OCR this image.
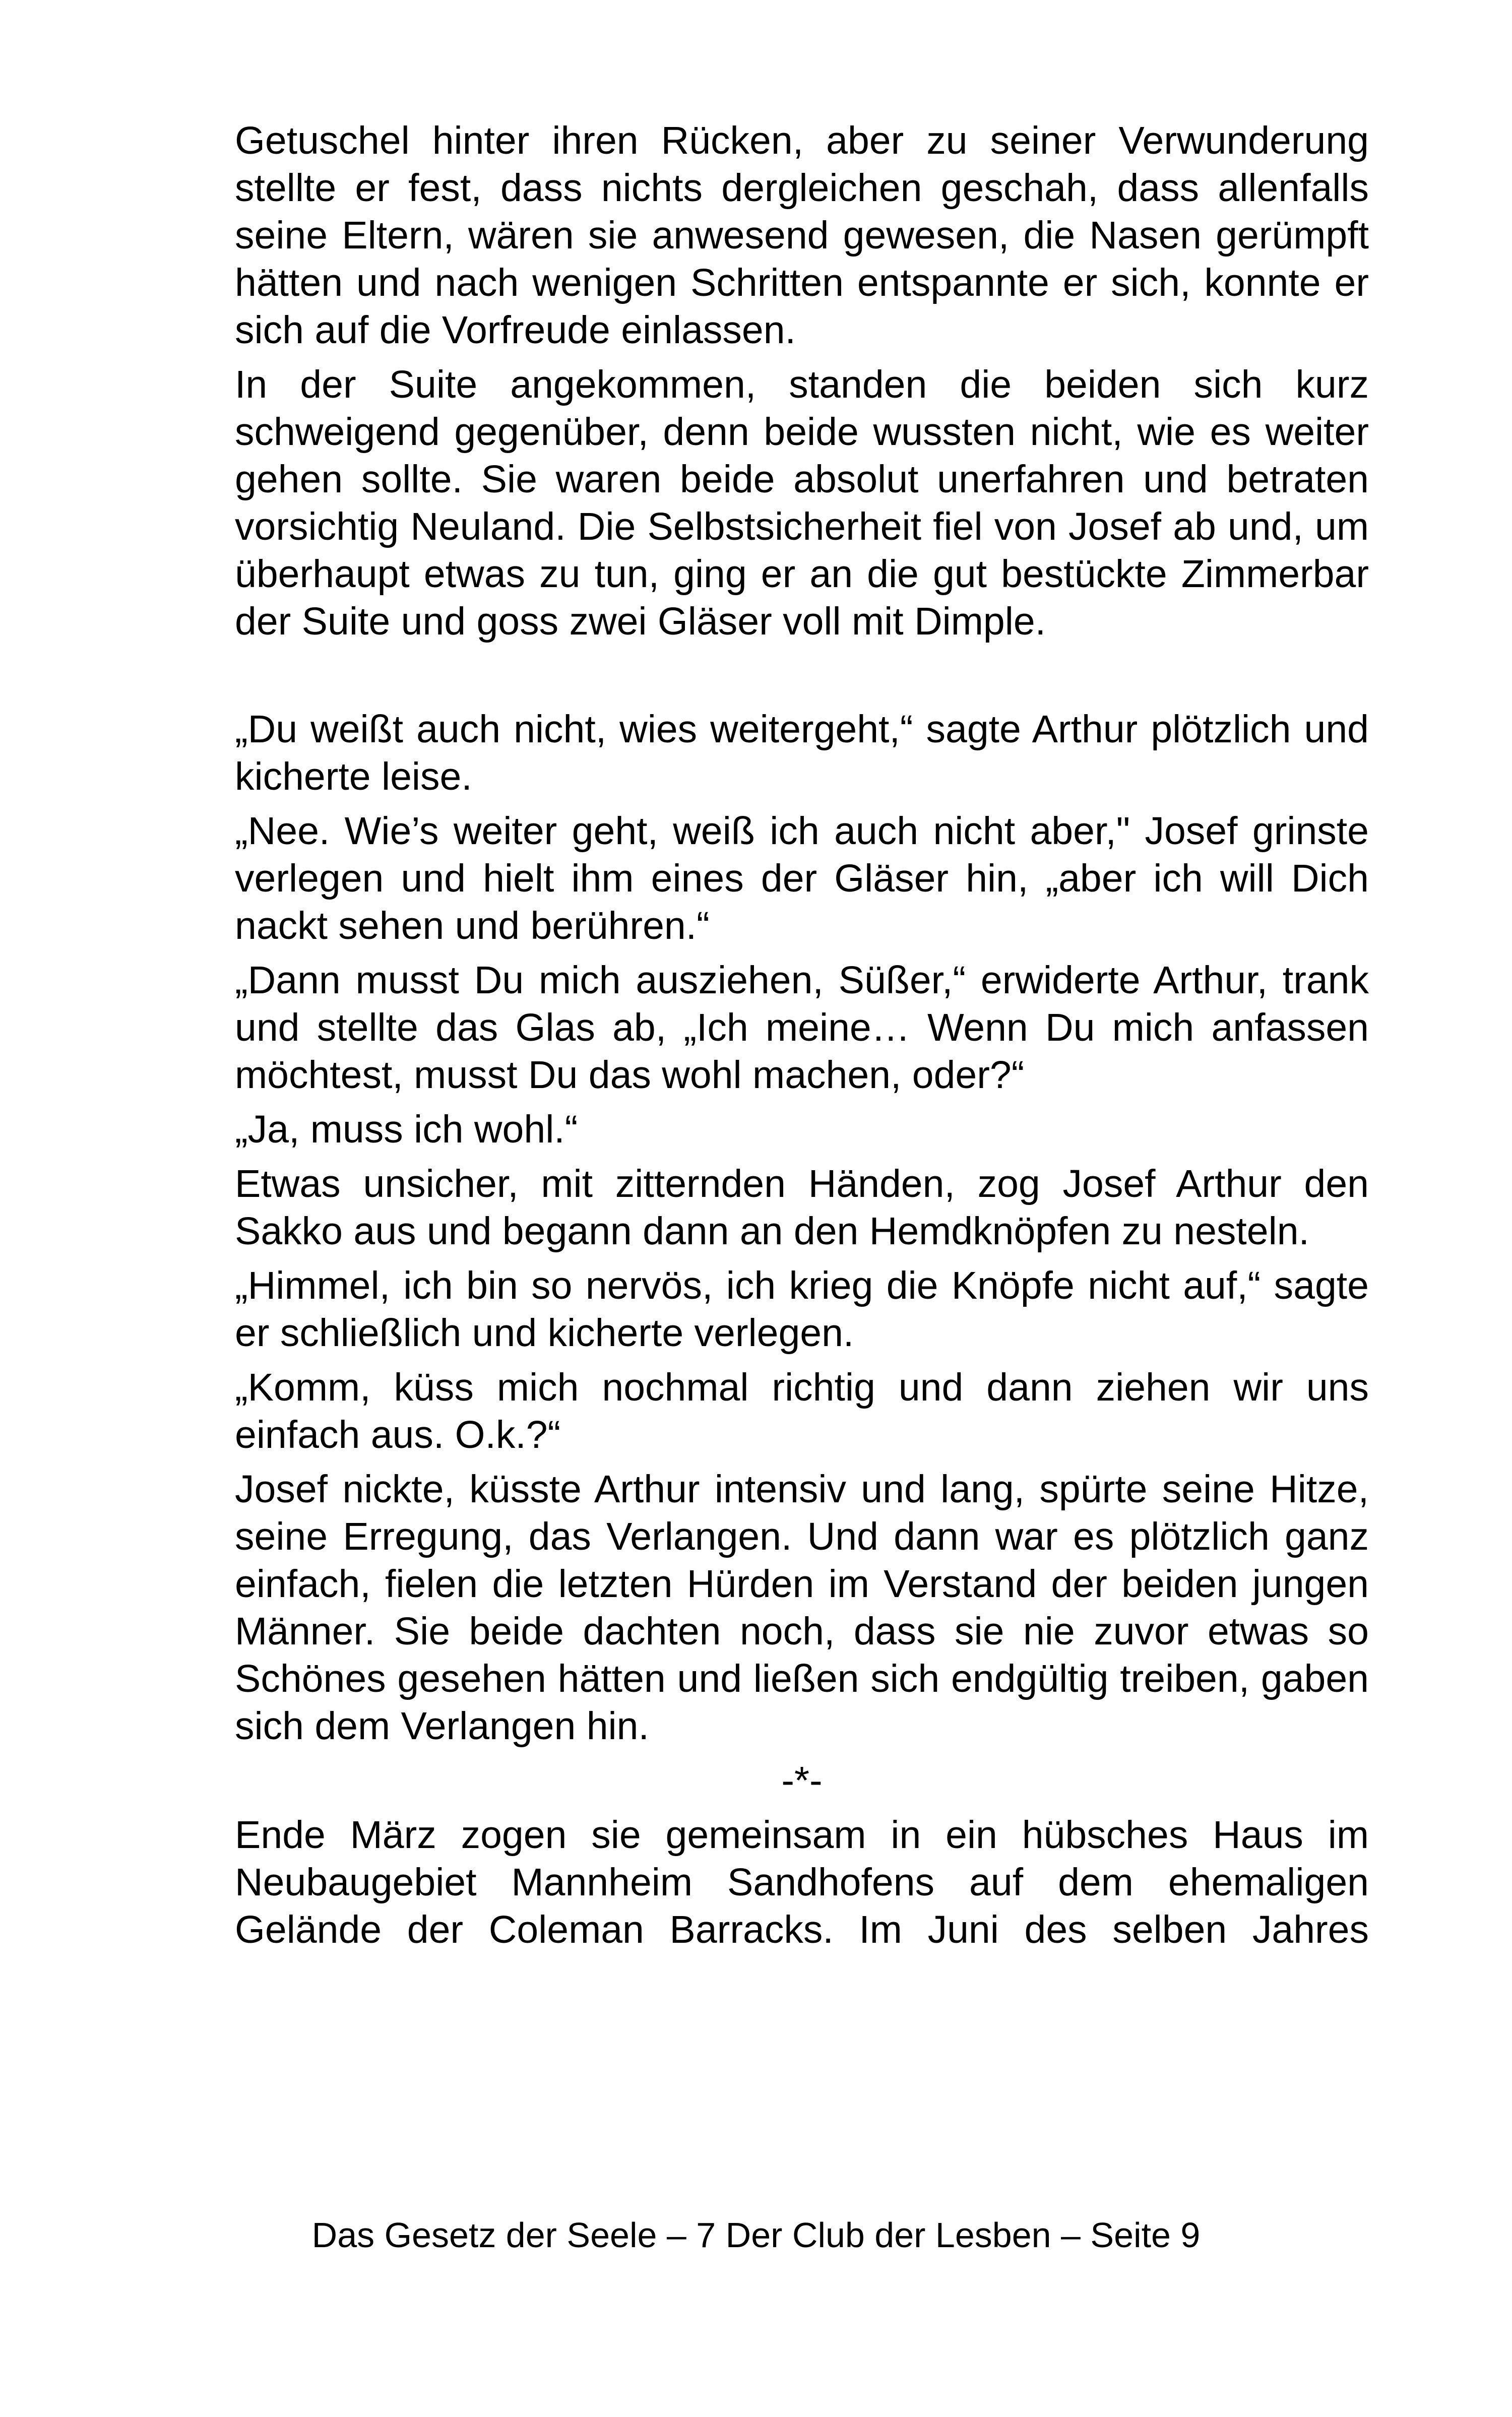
Getuschel hinter ihren Rücken, aber zu seiner Verwunderung stellte er fest, dass nichts dergleichen geschah, dass allenfalls seine Eltern, wären sie anwesend gewesen, die Nasen gerümpft hätten und nach wenigen Schritten entspannte er sich, konnte er sich auf die Vorfreude einlassen.

In der Suite angekommen, standen die beiden sich kurz schweigend gegenüber, denn beide wussten nicht, wie es weiter gehen sollte. Sie waren beide absolut unerfahren und betraten vorsichtig Neuland. Die Selbstsicherheit fiel von Josef ab und, um überhaupt etwas zu tun, ging er an die gut bestückte Zimmerbar der Suite und goss zwei Gläser voll mit Dimple.

„Du weißt auch nicht, wies weitergeht,“ sagte Arthur plötzlich und kicherte leise.

„Nee. Wie’s weiter geht, weiß ich auch nicht aber," Josef grinste verlegen und hielt ihm eines der Gläser hin, „aber ich will Dich nackt sehen und berühren.“

„Dann musst Du mich ausziehen, Süßer,“ erwiderte Arthur, trank und stellte das Glas ab, „Ich meine… Wenn Du mich anfassen möchtest, musst Du das wohl machen, oder?“

„Ja, muss ich wohl.“

Etwas unsicher, mit zitternden Händen, zog Josef Arthur den Sakko aus und begann dann an den Hemdknöpfen zu nesteln.

„Himmel, ich bin so nervös, ich krieg die Knöpfe nicht auf,“ sagte er schließlich und kicherte verlegen.

„Komm, küss mich nochmal richtig und dann ziehen wir uns einfach aus. O.k.?“

Josef nickte, küsste Arthur intensiv und lang, spürte seine Hitze, seine Erregung, das Verlangen. Und dann war es plötzlich ganz einfach, fielen die letzten Hürden im Verstand der beiden jungen Männer. Sie beide dachten noch, dass sie nie zuvor etwas so Schönes gesehen hätten und ließen sich endgültig treiben, gaben sich dem Verlangen hin.

-*-

Ende März zogen sie gemeinsam in ein hübsches Haus im Neubaugebiet Mannheim Sandhofens auf dem ehemaligen Gelände der Coleman Barracks. Im Juni des selben Jahres

Das Gesetz der Seele – 7 Der Club der Lesben – Seite 9
